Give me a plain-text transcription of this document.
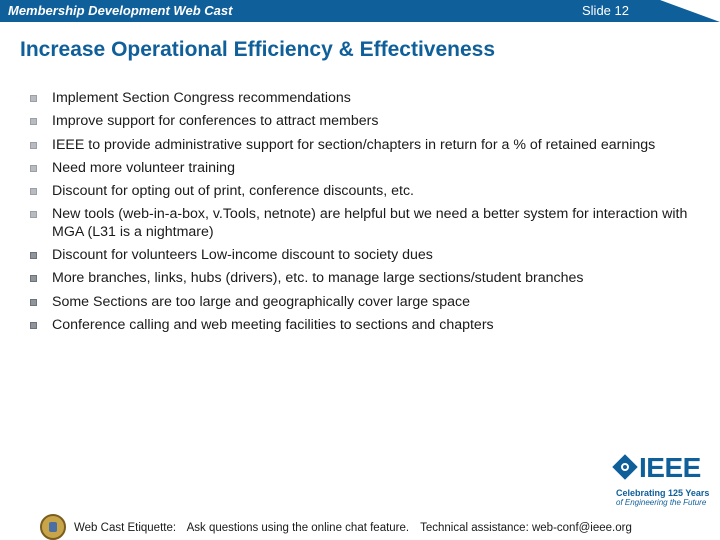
Membership Development Web Cast	Slide 12
Increase Operational Efficiency & Effectiveness
Implement Section Congress recommendations
Improve support for conferences to attract members
IEEE to provide administrative support for section/chapters in return for a % of retained earnings
Need more volunteer training
Discount for opting out of print, conference discounts, etc.
New tools (web-in-a-box, v.Tools, netnote) are helpful but we need a better system for interaction with MGA (L31 is a nightmare)
Discount for volunteers Low-income discount to society dues
More branches, links, hubs (drivers), etc. to manage large sections/student branches
Some Sections are too large and geographically cover large space
Conference calling and web meeting facilities to sections and chapters
IEEE
Celebrating 125 Years
of Engineering the Future
Web Cast Etiquette: Ask questions using the online chat feature. Technical assistance: web-conf@ieee.org
